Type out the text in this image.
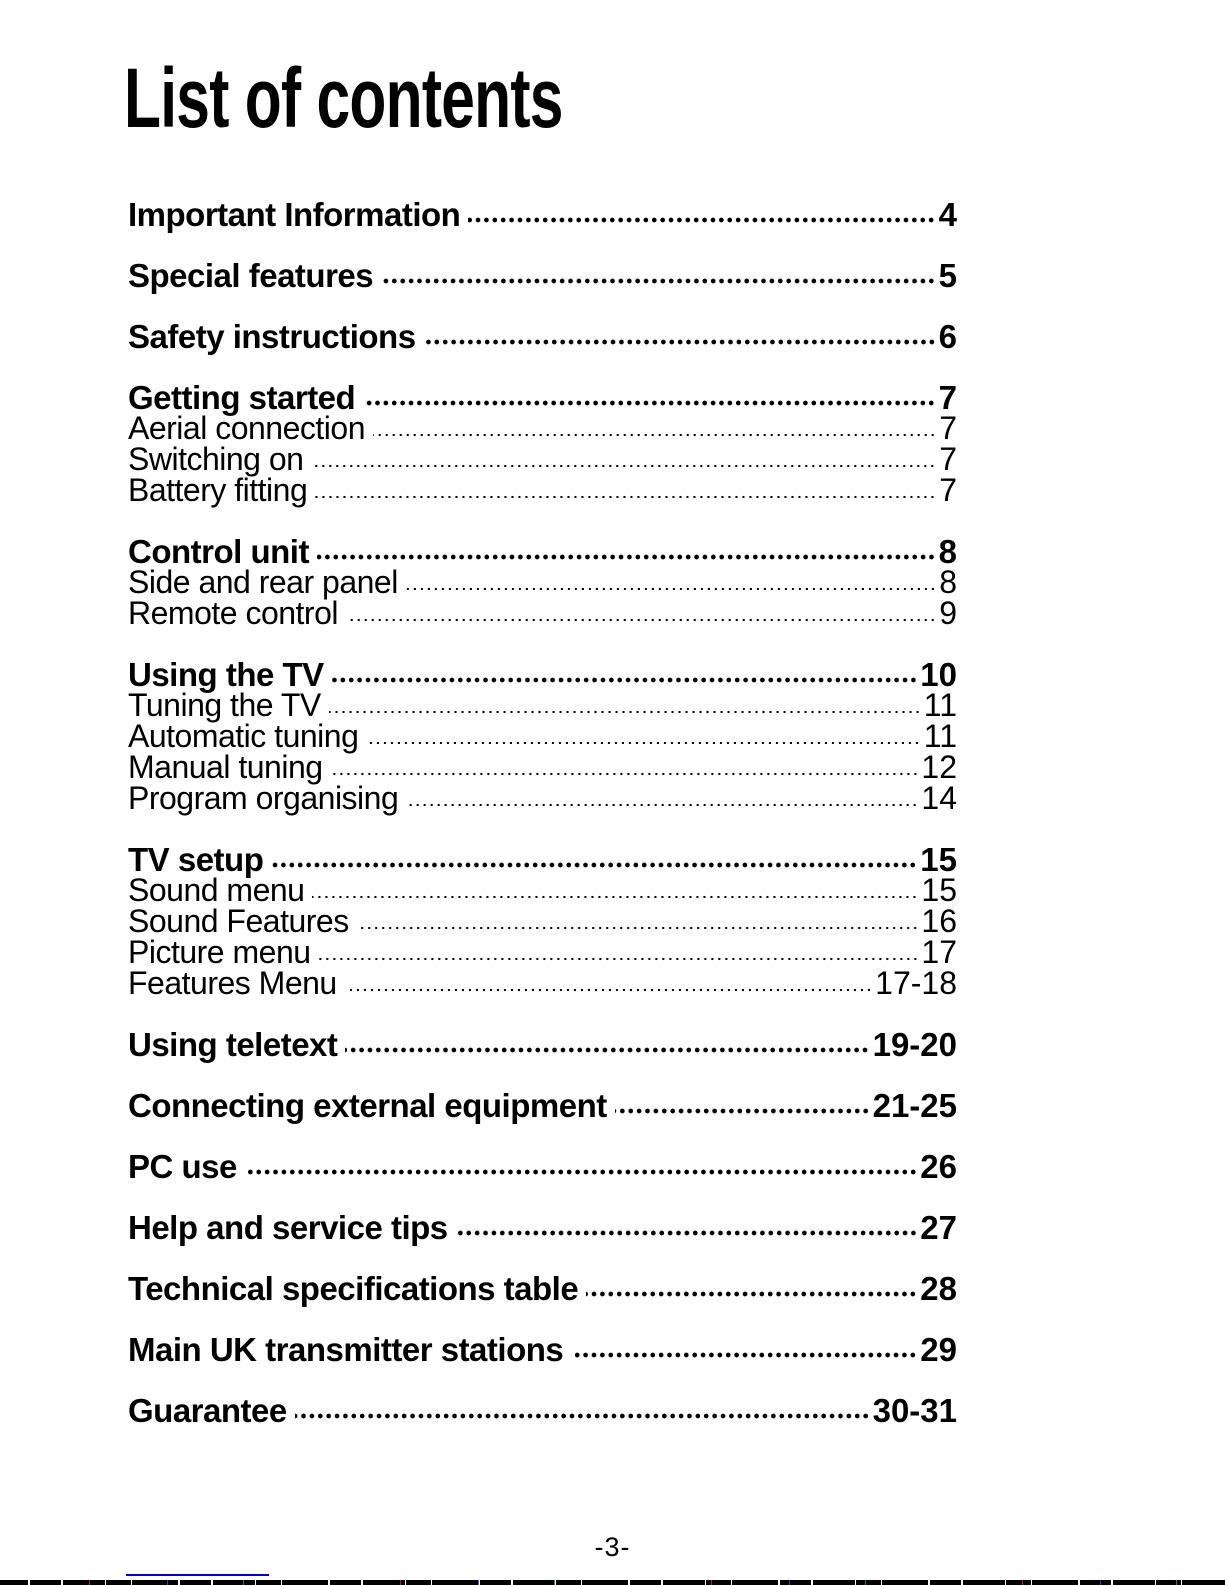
List of contents
Important Information	4
Special features	5
Safety instructions	6
Getting started	7
Aerial connection	7
Switching on	7
Battery fitting	7
Control unit	8
Side and rear panel	8
Remote control	9
Using the TV	10
Tuning the TV	11
Automatic tuning	11
Manual tuning	12
Program organising	14
TV setup	15
Sound menu	15
Sound Features	16
Picture menu	17
Features Menu	17-18
Using teletext	19-20
Connecting external equipment	21-25
PC use	26
Help and service tips	27
Technical specifications table	28
Main UK transmitter stations	29
Guarantee	30-31
-3-
